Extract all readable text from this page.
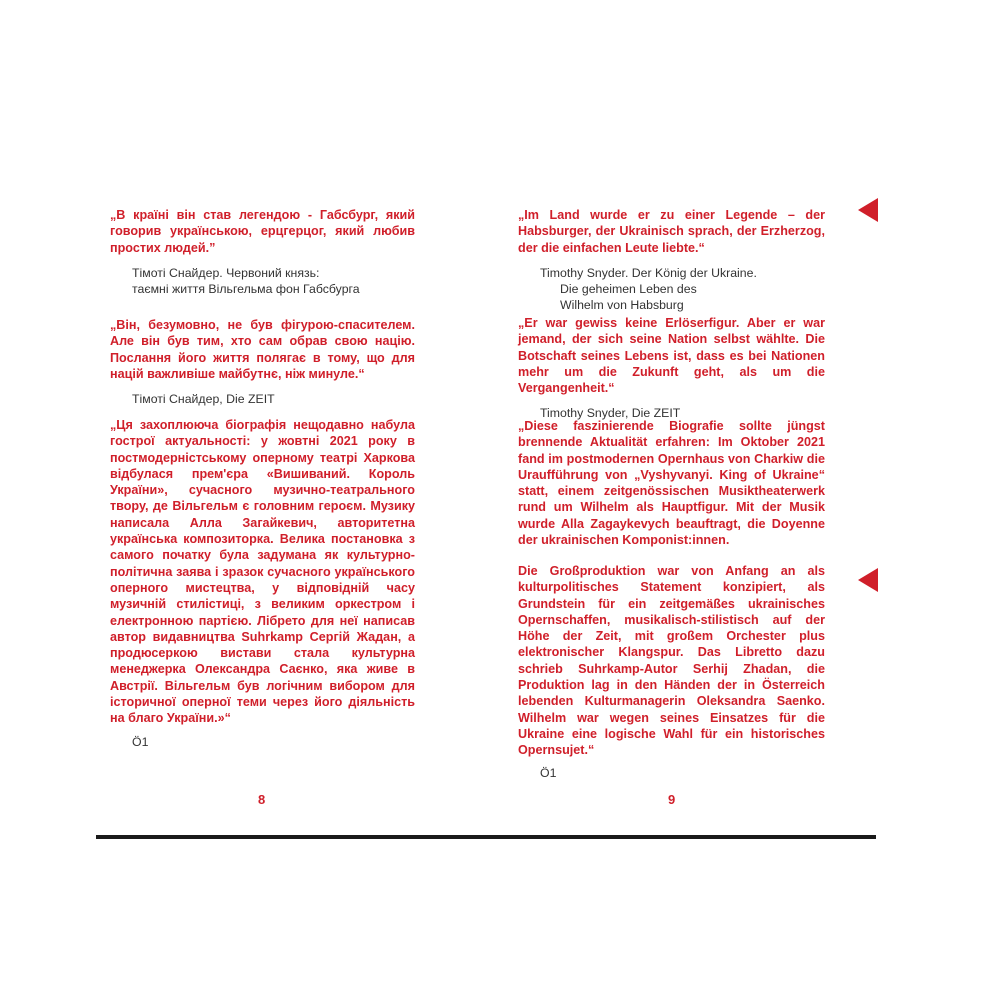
„В країні він став легендою - Габсбург, який говорив українською, ерцгерцог, який любив простих людей.”

Тімоті Снайдер. Червоний князь:
таємні життя Вільгельма фон Габсбурга

„Він, безумовно, не був фігурою-спасителем. Але він був тим, хто сам обрав свою націю. Послання його життя полягає в тому, що для націй важливіше майбутнє, ніж минуле.“

Тімоті Снайдер, Die ZEIT

„Ця захоплююча біографія нещодавно набула гострої актуальності: у жовтні 2021 року в постмодерністському оперному театрі Харкова відбулася прем'єра «Вишиваний. Король України», сучасного музично-театрального твору, де Вільгельм є головним героєм. Музику написала Алла Загайкевич, авторитетна українська композиторка. Велика постановка з самого початку була задумана як культурно-політична заява і зразок сучасного українського оперного мистецтва, у відповідній часу музичній стилістиці, з великим оркестром і електронною партією. Лібрето для неї написав автор видавництва Suhrkamp Сергій Жадан, а продюсеркою вистави стала культурна менеджерка Олександра Саєнко, яка живе в Австрії. Вільгельм був логічним вибором для історичної оперної теми через його діяльність на благо України.»“

Ö1

8

„Im Land wurde er zu einer Legende – der Habsburger, der Ukrainisch sprach, der Erzherzog, der die einfachen Leute liebte.“

Timothy Snyder. Der König der Ukraine.
Die geheimen Leben des
Wilhelm von Habsburg

„Er war gewiss keine Erlöserfigur. Aber er war jemand, der sich seine Nation selbst wählte. Die Botschaft seines Lebens ist, dass es bei Nationen mehr um die Zukunft geht, als um die Vergangenheit.“

Timothy Snyder, Die ZEIT

„Diese faszinierende Biografie sollte jüngst brennende Aktualität erfahren: Im Oktober 2021 fand im postmodernen Opernhaus von Charkiw die Uraufführung von „Vyshyvanyi. King of Ukraine“ statt, einem zeitgenössischen Musiktheaterwerk rund um Wilhelm als Hauptfigur. Mit der Musik wurde Alla Zagaykevych beauftragt, die Doyenne der ukrainischen Komponist:innen.

Die Großproduktion war von Anfang an als kulturpolitisches Statement konzipiert, als Grundstein für ein zeitgemäßes ukrainisches Opernschaffen, musikalisch-stilistisch auf der Höhe der Zeit, mit großem Orchester plus elektronischer Klangspur. Das Libretto dazu schrieb Suhrkamp-Autor Serhij Zhadan, die Produktion lag in den Händen der in Österreich lebenden Kulturmanagerin Oleksandra Saenko. Wilhelm war wegen seines Einsatzes für die Ukraine eine logische Wahl für ein historisches Opernsujet.“

Ö1

9
